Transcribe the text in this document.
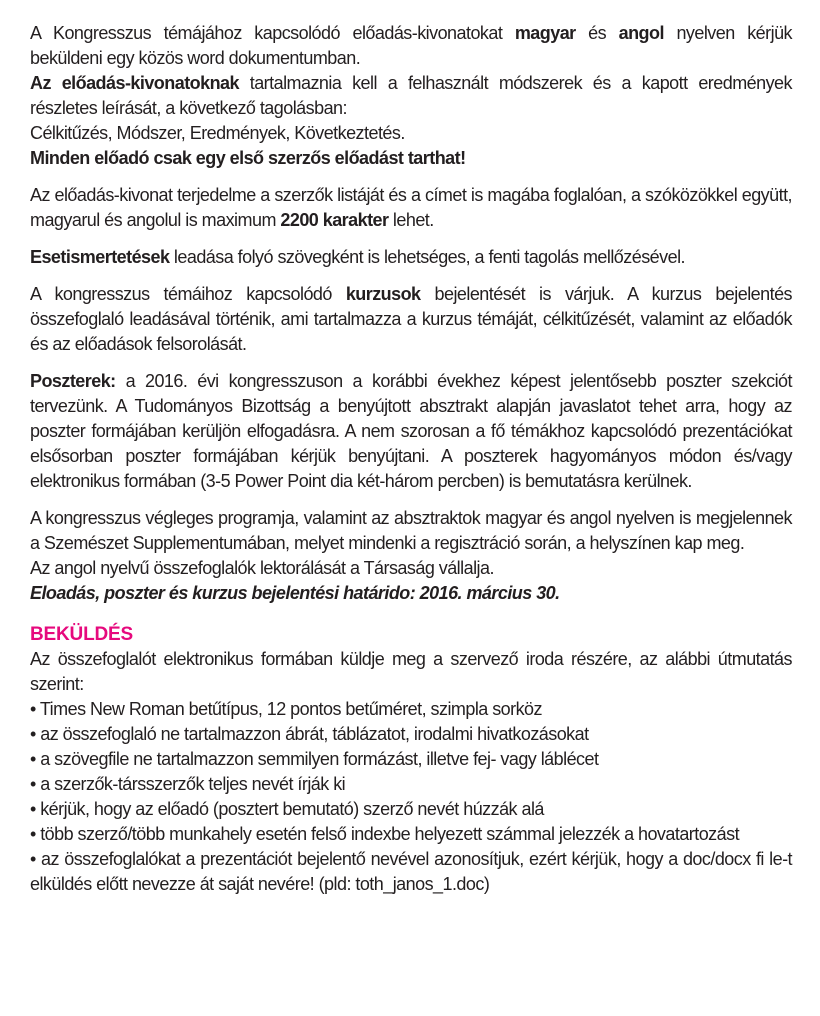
A Kongresszus témájához kapcsolódó előadás-kivonatokat magyar és angol nyelven kérjük beküldeni egy közös word dokumentumban.

Az előadás-kivonatoknak tartalmaznia kell a felhasznált módszerek és a kapott eredmények részletes leírását, a következő tagolásban:

Célkitűzés, Módszer, Eredmények, Következtetés.

Minden előadó csak egy első szerzős előadást tarthat!

Az előadás-kivonat terjedelme a szerzők listáját és a címet is magába foglalóan, a szóközökkel együtt, magyarul és angolul is maximum 2200 karakter lehet.

Esetismertetések leadása folyó szövegként is lehetséges, a fenti tagolás mellőzésével.

A kongresszus témáihoz kapcsolódó kurzusok bejelentését is várjuk. A kurzus bejelentés összefoglaló leadásával történik, ami tartalmazza a kurzus témáját, célkitűzését, valamint az előadók és az előadások felsorolását.

Poszterek: a 2016. évi kongresszuson a korábbi évekhez képest jelentősebb poszter szekciót tervezünk. A Tudományos Bizottság a benyújtott absztrakt alapján javaslatot tehet arra, hogy az poszter formájában kerüljön elfogadásra. A nem szorosan a fő témákhoz kapcsolódó prezentációkat elsősorban poszter formájában kérjük benyújtani. A poszterek hagyományos módon és/vagy elektronikus formában (3-5 Power Point dia két-három percben) is bemutatásra kerülnek.

A kongresszus végleges programja, valamint az absztraktok magyar és angol nyelven is megjelennek a Szemészet Supplementumában, melyet mindenki a regisztráció során, a helyszínen kap meg.

Az angol nyelvű összefoglalók lektorálását a Társaság vállalja.

Eloadás, poszter és kurzus bejelentési határido: 2016. március 30.

BEKÜLDÉS

Az összefoglalót elektronikus formában küldje meg a szervező iroda részére, az alábbi útmutatás szerint:

• Times New Roman betűtípus, 12 pontos betűméret, szimpla sorköz

• az összefoglaló ne tartalmazzon ábrát, táblázatot, irodalmi hivatkozásokat

• a szövegfile ne tartalmazzon semmilyen formázást, illetve fej- vagy láblécet

• a szerzők-társszerzők teljes nevét írják ki

• kérjük, hogy az előadó (posztert bemutató) szerző nevét húzzák alá

• több szerző/több munkahely esetén felső indexbe helyezett számmal jelezzék a hovatartozást

• az összefoglalókat a prezentációt bejelentő nevével azonosítjuk, ezért kérjük, hogy a doc/docx fi le-t elküldés előtt nevezze át saját nevére! (pld: toth_janos_1.doc)
